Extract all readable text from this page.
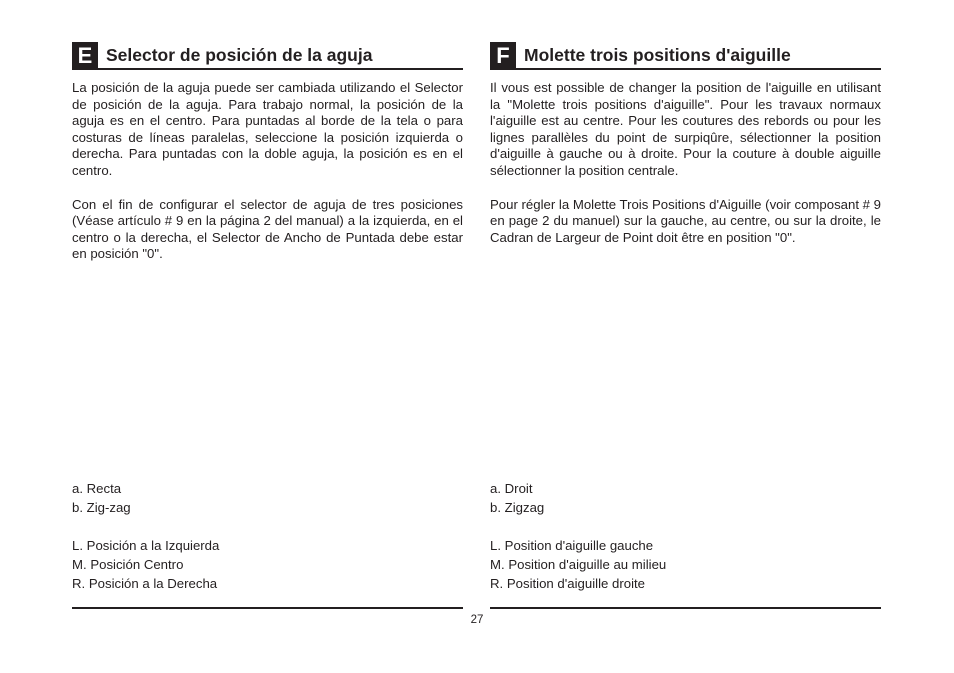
E Selector de posición de la aguja

La posición de la aguja puede ser cambiada utilizando el Selector de posición de la aguja. Para trabajo normal, la posición de la aguja es en el centro. Para puntadas al borde de la tela o para costuras de líneas paralelas, seleccione la posición izquierda o derecha. Para puntadas con la doble aguja, la posición es en el centro.

Con el fin de configurar el selector de aguja de tres posiciones (Véase artículo # 9 en la página 2 del manual) a la izquierda, en el centro o la derecha, el Selector de Ancho de Puntada debe estar en posición "0".

a. Recta
b. Zig-zag
L. Posición a la Izquierda
M. Posición Centro
R. Posición a la Derecha
F Molette trois positions d'aiguille

Il vous est possible de changer la position de l'aiguille en utilisant la "Molette trois positions d'aiguille". Pour les travaux normaux l'aiguille est au centre. Pour les coutures des rebords ou pour les lignes parallèles du point de surpiqûre, sélectionner la position d'aiguille à gauche ou à droite. Pour la couture à double aiguille sélectionner la position centrale.

Pour régler la Molette Trois Positions d'Aiguille (voir composant # 9 en page 2 du manuel) sur la gauche, au centre, ou sur la droite, le Cadran de Largeur de Point doit être en position "0".

a. Droit
b. Zigzag
L. Position d'aiguille gauche
M. Position d'aiguille au milieu
R. Position d'aiguille droite
27
